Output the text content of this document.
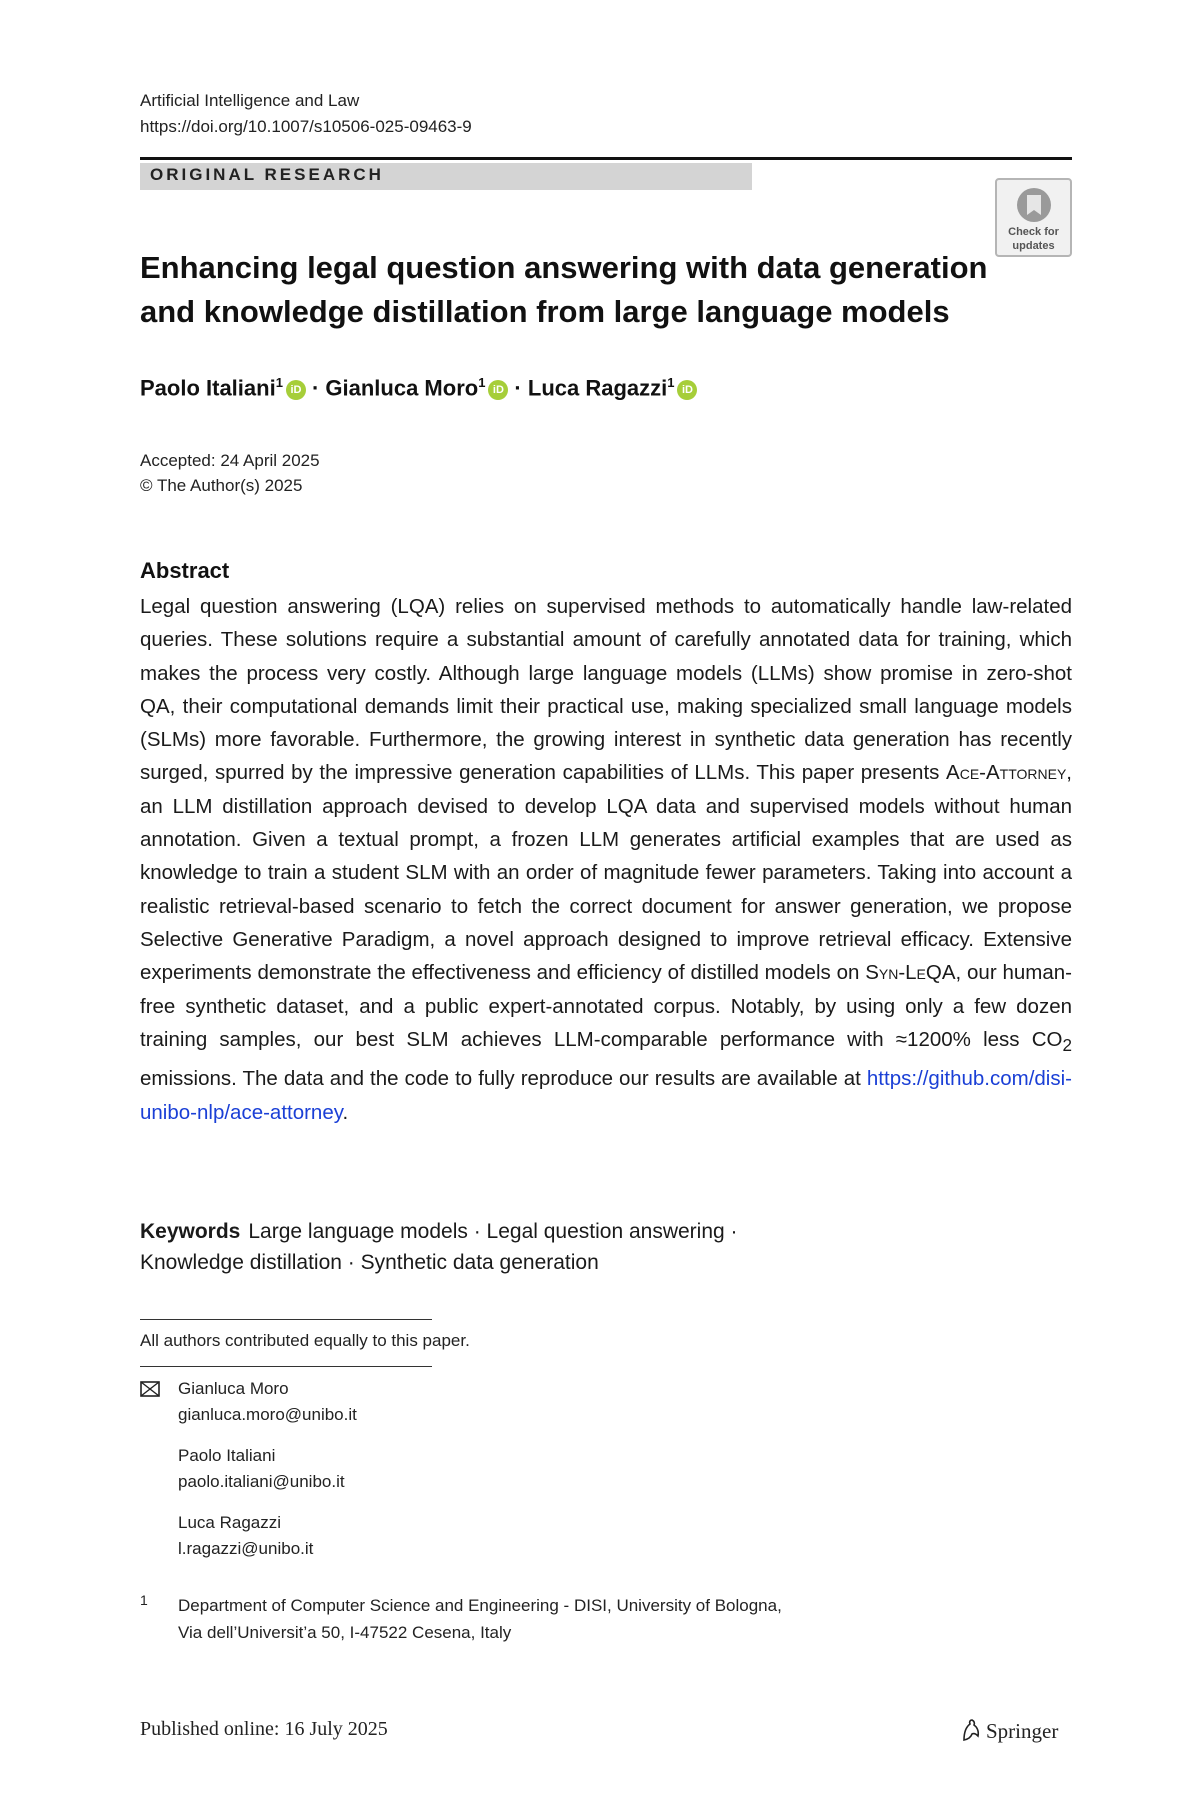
Artificial Intelligence and Law
https://doi.org/10.1007/s10506-025-09463-9
ORIGINAL RESEARCH
Check for
updates
Enhancing legal question answering with data generation and knowledge distillation from large language models
Paolo Italiani$^1$ iD · Gianluca Moro$^1$ iD · Luca Ragazzi$^1$ iD
Accepted: 24 April 2025
© The Author(s) 2025
Abstract
Legal question answering (LQA) relies on supervised methods to automatically handle law-related queries. These solutions require a substantial amount of carefully annotated data for training, which makes the process very costly. Although large language models (LLMs) show promise in zero-shot QA, their computational demands limit their practical use, making specialized small language models (SLMs) more favorable. Furthermore, the growing interest in synthetic data generation has recently surged, spurred by the impressive generation capabilities of LLMs. This paper presents Ace-Attorney, an LLM distillation approach devised to develop LQA data and supervised models without human annotation. Given a textual prompt, a frozen LLM generates artificial examples that are used as knowledge to train a student SLM with an order of magnitude fewer parameters. Taking into account a realistic retrieval-based scenario to fetch the correct document for answer generation, we propose Selective Generative Paradigm, a novel approach designed to improve retrieval efficacy. Extensive experiments demonstrate the effectiveness and efficiency of distilled models on Syn-LeQA, our human-free synthetic dataset, and a public expert-annotated corpus. Notably, by using only a few dozen training samples, our best SLM achieves LLM-comparable performance with ≈1200% less $CO_2$ emissions. The data and the code to fully reproduce our results are available at https://github.com/disi-unibo-nlp/ace-attorney.
Keywords Large language models · Legal question answering ·
Knowledge distillation · Synthetic data generation
All authors contributed equally to this paper.
Gianluca Moro
gianluca.moro@unibo.it
Paolo Italiani
paolo.italiani@unibo.it
Luca Ragazzi
l.ragazzi@unibo.it
1 Department of Computer Science and Engineering - DISI, University of Bologna,
Via dell’Universit’a 50, I-47522 Cesena, Italy
Published online: 16 July 2025	Springer
